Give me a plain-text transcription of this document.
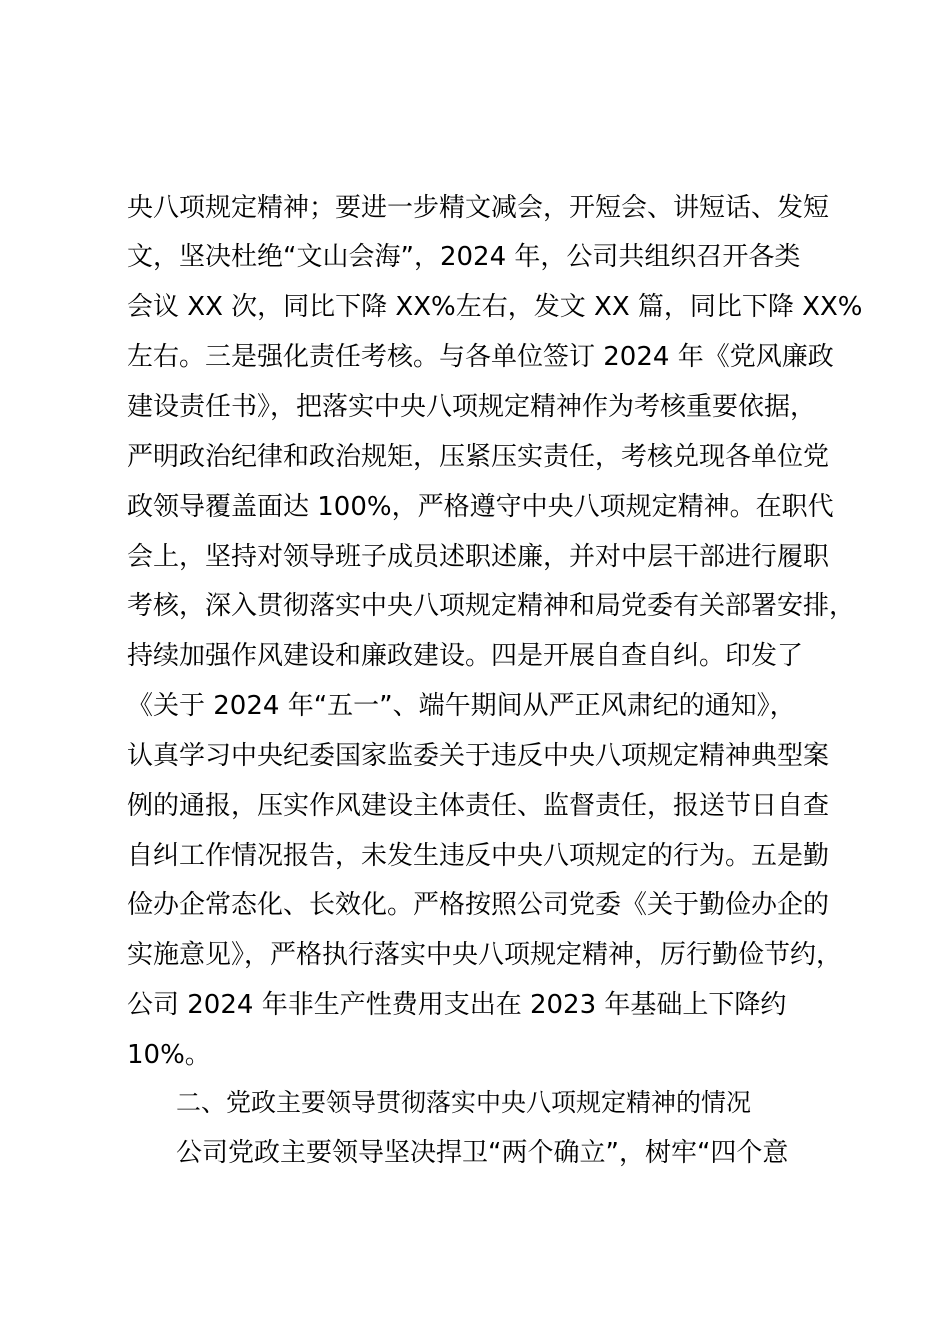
央八项规定精神；要进一步精文减会，开短会、讲短话、发短
文，坚决杜绝“文山会海”，2024 年，公司共组织召开各类
会议 XX 次，同比下降 XX%左右，发文 XX 篇，同比下降 XX%
左右。三是强化责任考核。与各单位签订 2024 年《党风廉政
建设责任书》，把落实中央八项规定精神作为考核重要依据，
严明政治纪律和政治规矩，压紧压实责任，考核兑现各单位党
政领导覆盖面达 100%，严格遵守中央八项规定精神。在职代
会上，坚持对领导班子成员述职述廉，并对中层干部进行履职
考核，深入贯彻落实中央八项规定精神和局党委有关部署安排，
持续加强作风建设和廉政建设。四是开展自查自纠。印发了
《关于 2024 年“五一”、端午期间从严正风肃纪的通知》，
认真学习中央纪委国家监委关于违反中央八项规定精神典型案
例的通报，压实作风建设主体责任、监督责任，报送节日自查
自纠工作情况报告，未发生违反中央八项规定的行为。五是勤
俭办企常态化、长效化。严格按照公司党委《关于勤俭办企的
实施意见》，严格执行落实中央八项规定精神，厉行勤俭节约，
公司 2024 年非生产性费用支出在 2023 年基础上下降约
10%。
二、党政主要领导贯彻落实中央八项规定精神的情况
公司党政主要领导坚决捍卫“两个确立”，树牢“四个意
